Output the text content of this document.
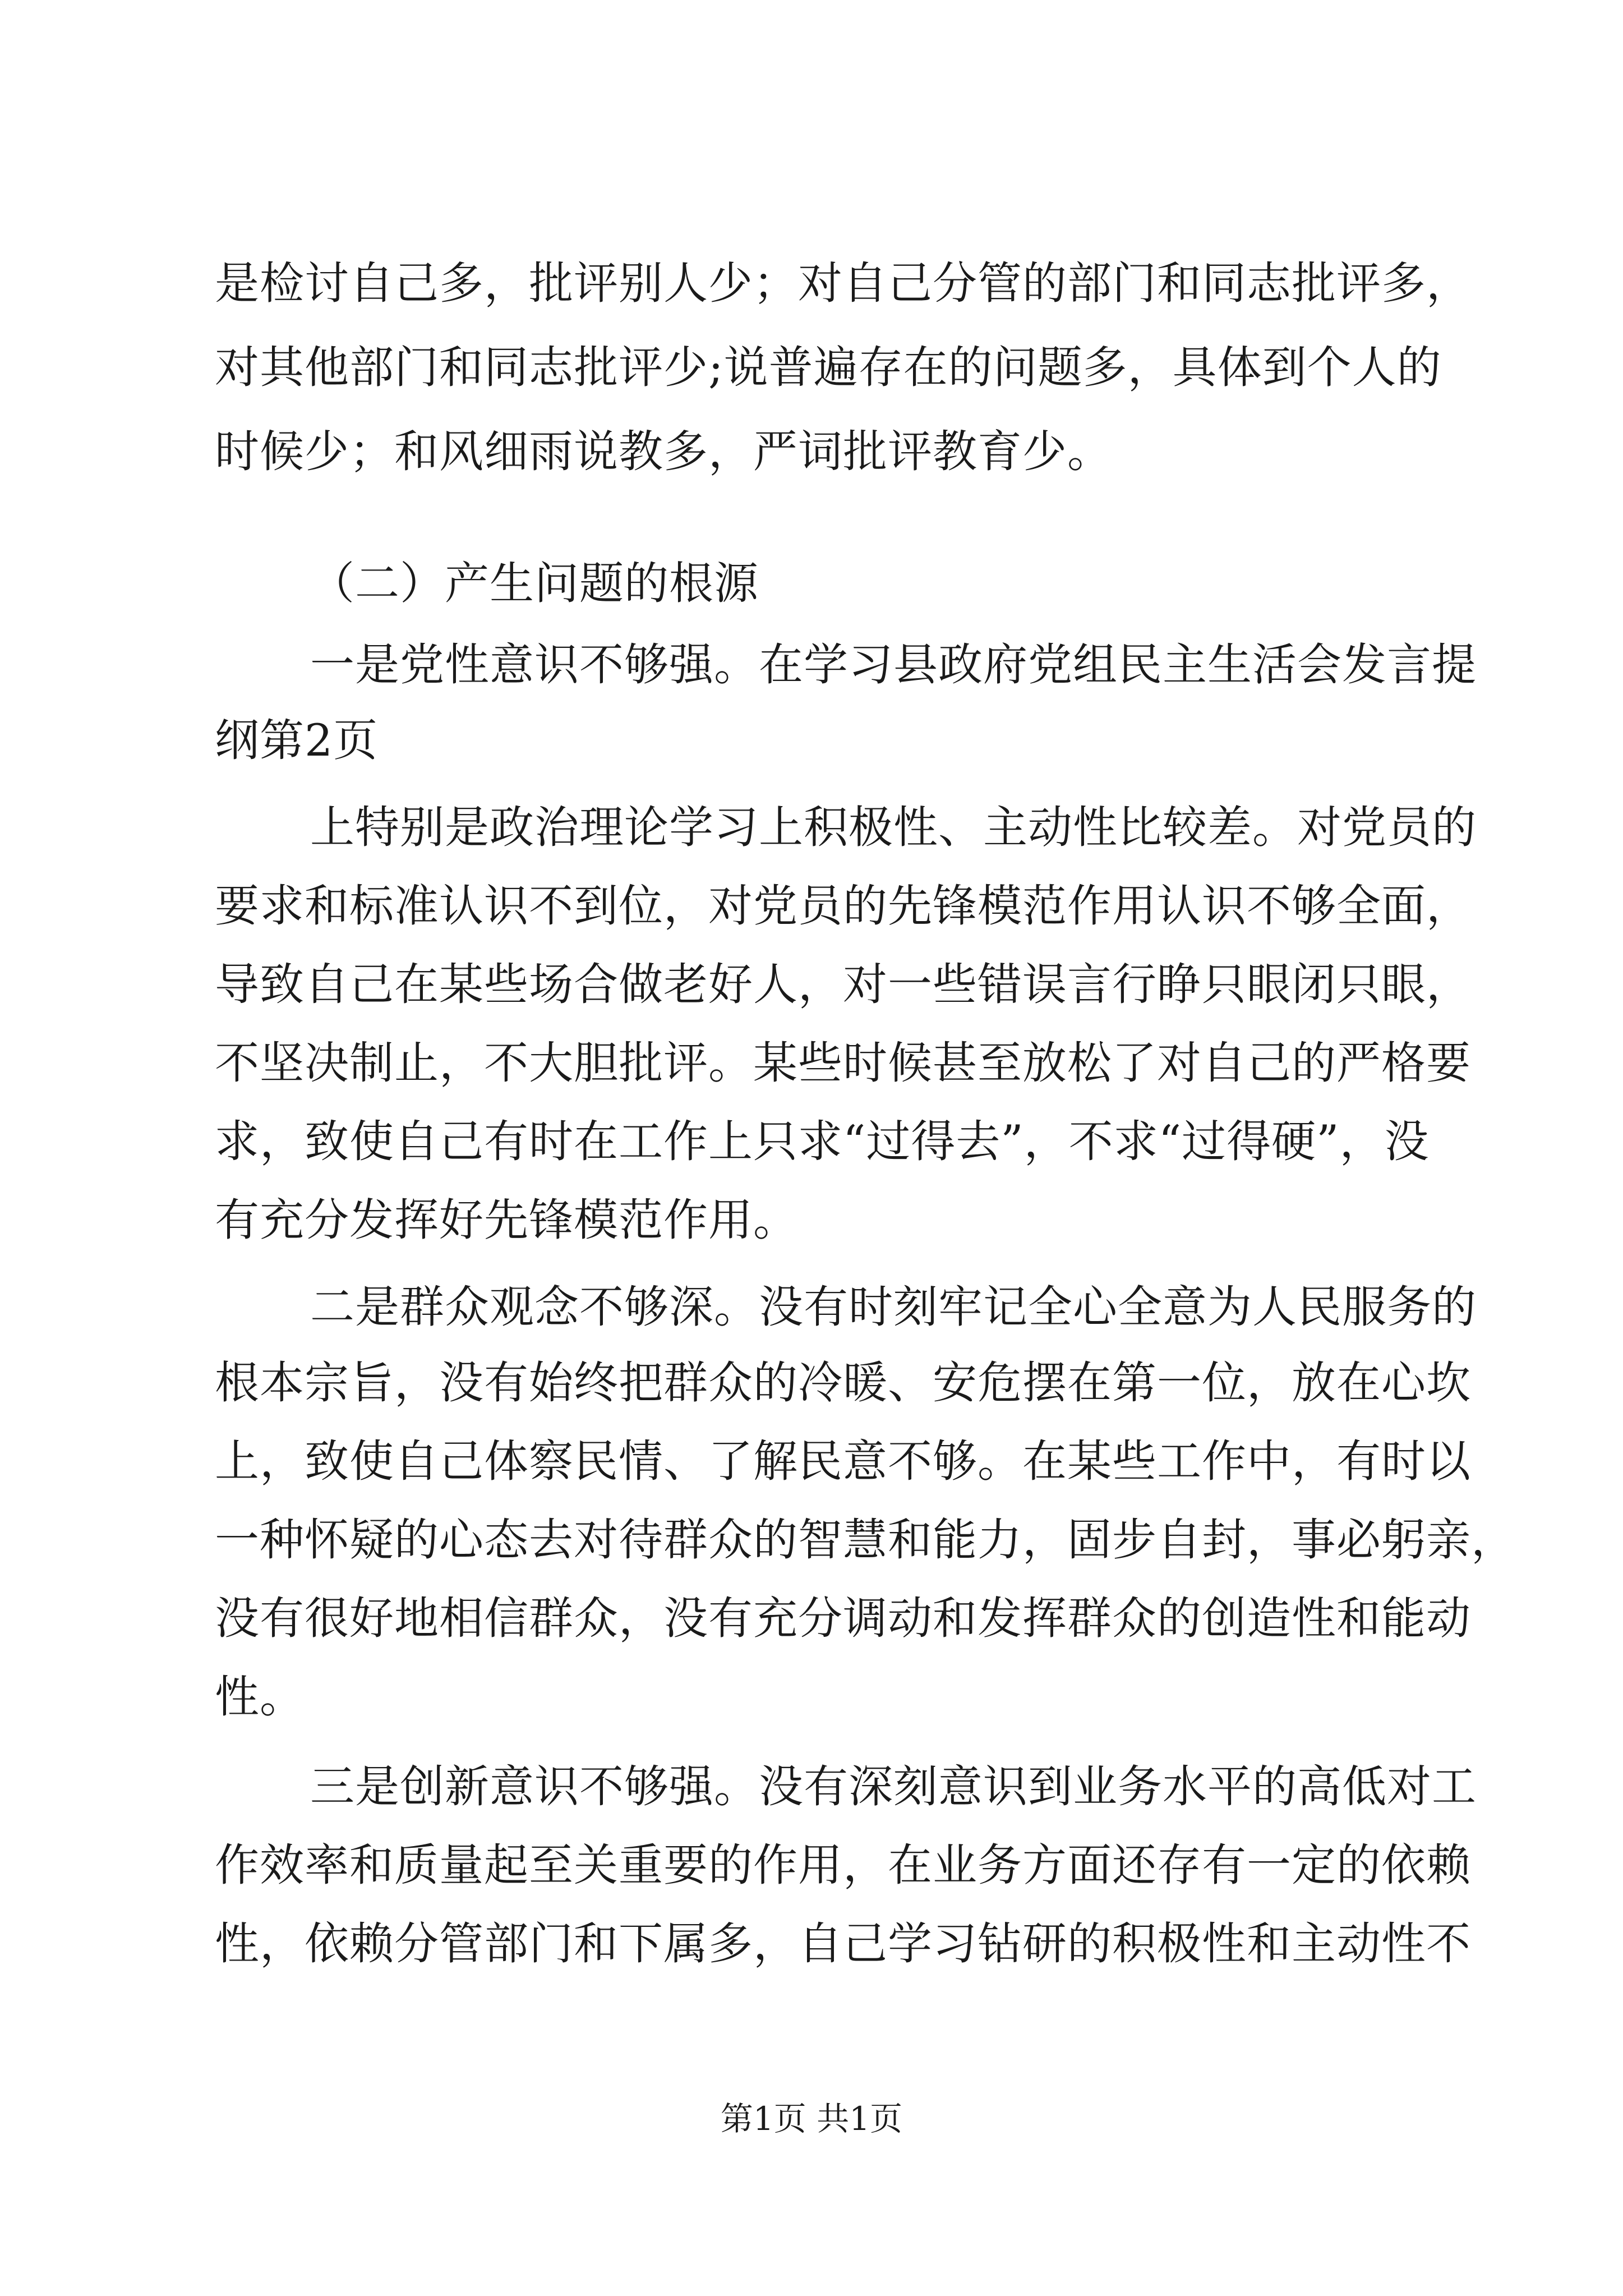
是检讨自己多，批评别人少；对自己分管的部门和同志批评多，
对其他部门和同志批评少;说普遍存在的问题多，具体到个人的
时候少；和风细雨说教多，严词批评教育少。
（二）产生问题的根源
一是党性意识不够强。在学习县政府党组民主生活会发言提
纲第2页
上特别是政治理论学习上积极性、主动性比较差。对党员的
要求和标准认识不到位，对党员的先锋模范作用认识不够全面，
导致自己在某些场合做老好人，对一些错误言行睁只眼闭只眼，
不坚决制止，不大胆批评。某些时候甚至放松了对自己的严格要
求，致使自己有时在工作上只求“过得去”，不求“过得硬”，没
有充分发挥好先锋模范作用。
二是群众观念不够深。没有时刻牢记全心全意为人民服务的
根本宗旨，没有始终把群众的冷暖、安危摆在第一位，放在心坎
上，致使自己体察民情、了解民意不够。在某些工作中，有时以
一种怀疑的心态去对待群众的智慧和能力，固步自封，事必躬亲，
没有很好地相信群众，没有充分调动和发挥群众的创造性和能动
性。
三是创新意识不够强。没有深刻意识到业务水平的高低对工
作效率和质量起至关重要的作用，在业务方面还存有一定的依赖
性，依赖分管部门和下属多，自己学习钻研的积极性和主动性不
第1页 共1页
